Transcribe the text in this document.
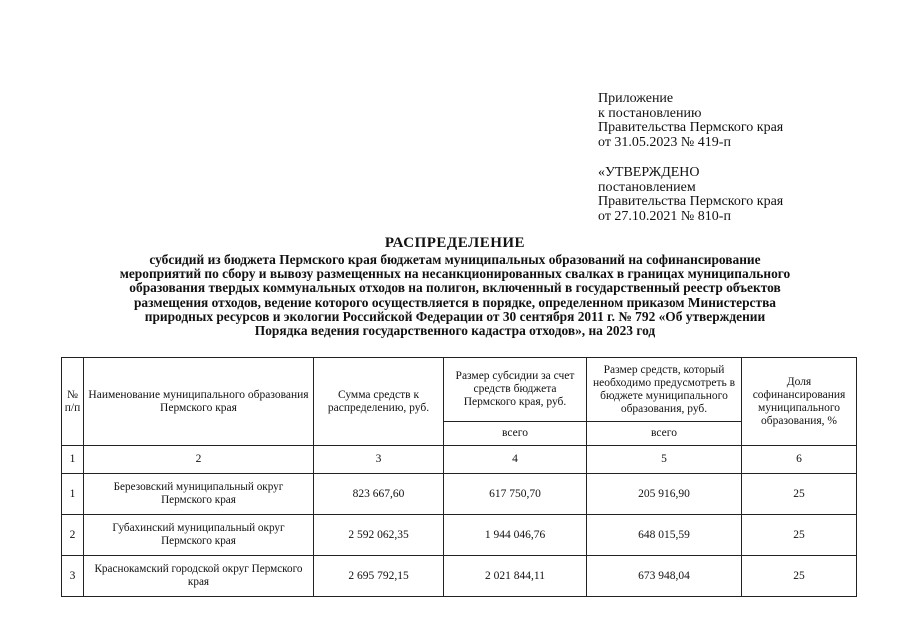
Приложение
к постановлению
Правительства Пермского края
от 31.05.2023 № 419-п
«УТВЕРЖДЕНО
постановлением
Правительства Пермского края
от 27.10.2021 № 810-п
РАСПРЕДЕЛЕНИЕ
субсидий из бюджета Пермского края бюджетам муниципальных образований на софинансирование
мероприятий по сбору и вывозу размещенных на несанкционированных свалках в границах муниципального
образования твердых коммунальных отходов на полигон, включенный в государственный реестр объектов
размещения отходов, ведение которого осуществляется в порядке, определенном приказом Министерства
природных ресурсов и экологии Российской Федерации от 30 сентября 2011 г. № 792 «Об утверждении
Порядка ведения государственного кадастра отходов», на 2023 год
№ п/п	Наименование муниципального образования Пермского края	Сумма средств к распределению, руб.	Размер субсидии за счет средств бюджета Пермского края, руб.	Размер средств, который необходимо предусмотреть в бюджете муниципального образования, руб.	Доля софинансирования муниципального образования, %
			всего	всего	
1	2	3	4	5	6
1	Березовский муниципальный округ Пермского края	823 667,60	617 750,70	205 916,90	25
2	Губахинский муниципальный округ Пермского края	2 592 062,35	1 944 046,76	648 015,59	25
3	Краснокамский городской округ Пермского края	2 695 792,15	2 021 844,11	673 948,04	25
